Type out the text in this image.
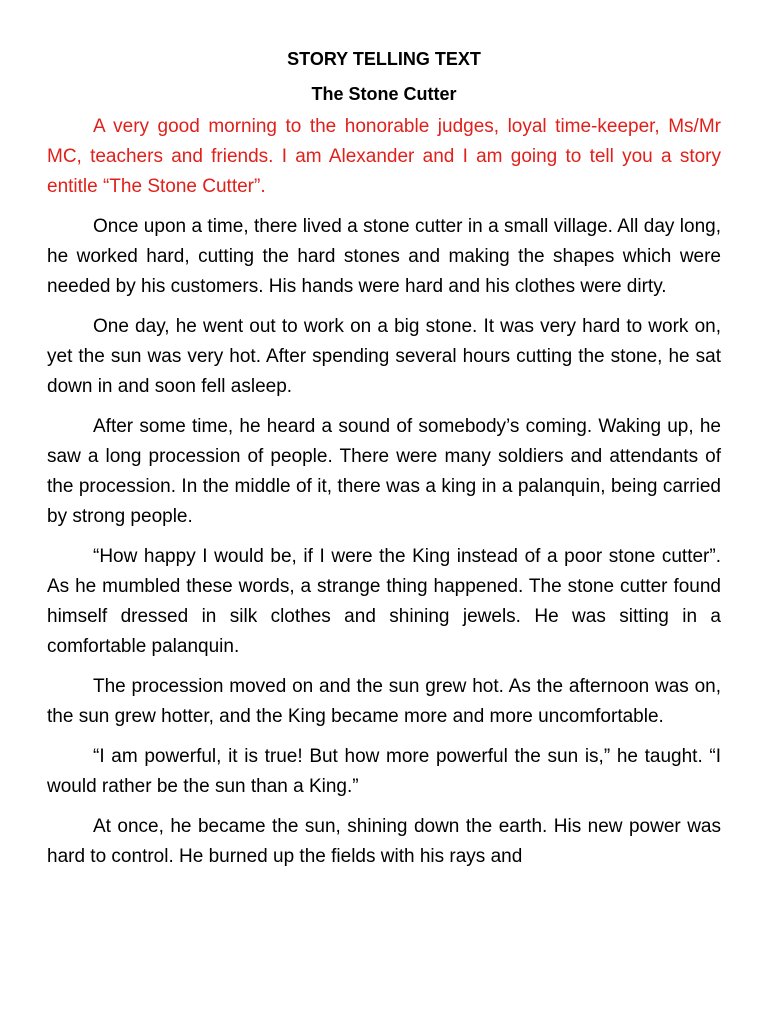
STORY TELLING TEXT
The Stone Cutter

A very good morning to the honorable judges, loyal time-keeper, Ms/Mr MC, teachers and friends. I am Alexander and I am going to tell you a story entitle “The Stone Cutter”.

Once upon a time, there lived a stone cutter in a small village. All day long, he worked hard, cutting the hard stones and making the shapes which were needed by his customers. His hands were hard and his clothes were dirty.

One day, he went out to work on a big stone. It was very hard to work on, yet the sun was very hot. After spending several hours cutting the stone, he sat down in and soon fell asleep.

After some time, he heard a sound of somebody’s coming. Waking up, he saw a long procession of people. There were many soldiers and attendants of the procession. In the middle of it, there was a king in a palanquin, being carried by strong people.

“How happy I would be, if I were the King instead of a poor stone cutter”. As he mumbled these words, a strange thing happened. The stone cutter found himself dressed in silk clothes and shining jewels. He was sitting in a comfortable palanquin.

The procession moved on and the sun grew hot. As the afternoon was on, the sun grew hotter, and the King became more and more uncomfortable.

“I am powerful, it is true! But how more powerful the sun is,” he taught. “I would rather be the sun than a King.”

At once, he became the sun, shining down the earth. His new power was hard to control. He burned up the fields with his rays and
